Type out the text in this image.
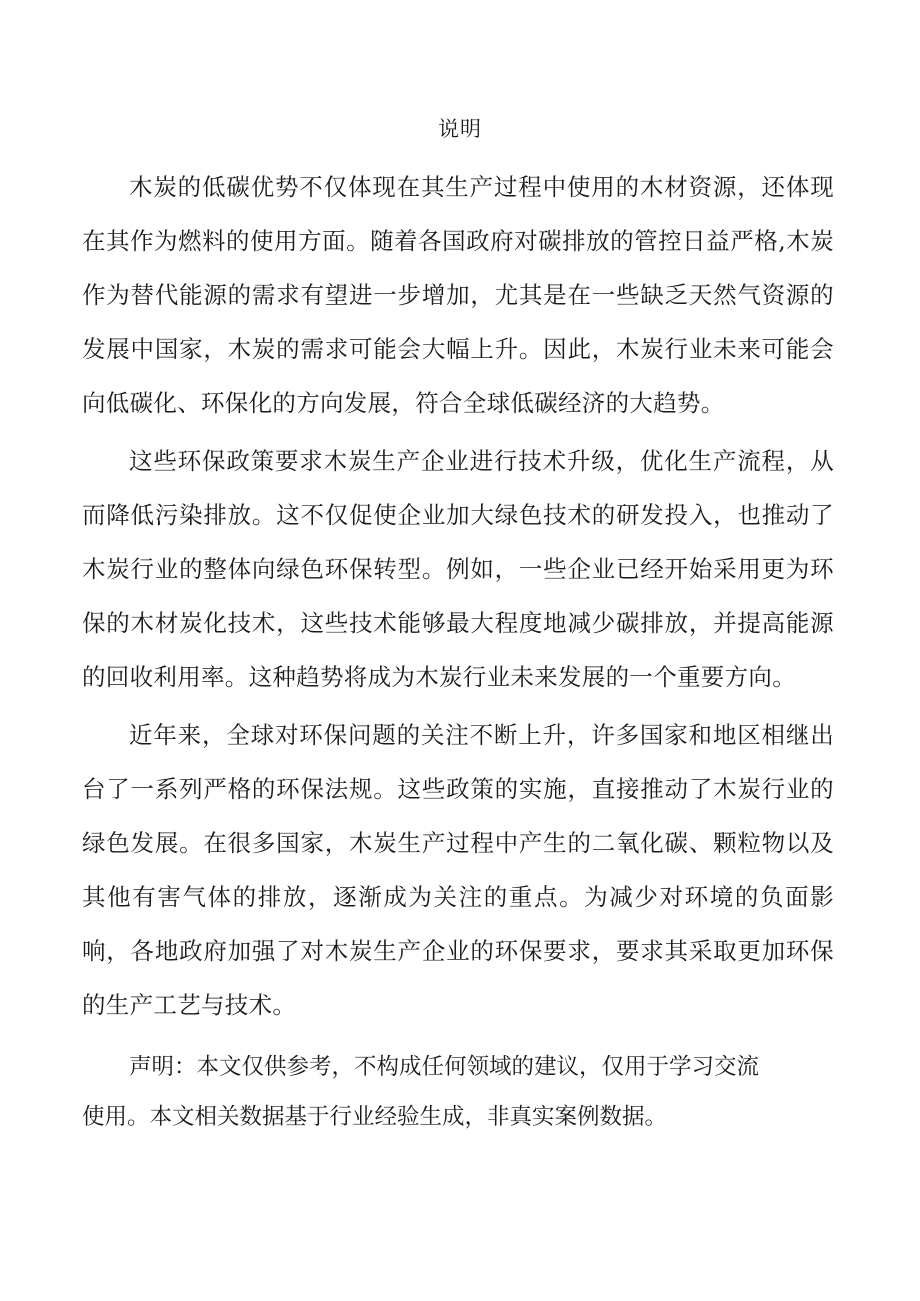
说明

木炭的低碳优势不仅体现在其生产过程中使用的木材资源，还体现在其作为燃料的使用方面。随着各国政府对碳排放的管控日益严格,木炭作为替代能源的需求有望进一步增加，尤其是在一些缺乏天然气资源的发展中国家，木炭的需求可能会大幅上升。因此，木炭行业未来可能会向低碳化、环保化的方向发展，符合全球低碳经济的大趋势。

这些环保政策要求木炭生产企业进行技术升级，优化生产流程，从而降低污染排放。这不仅促使企业加大绿色技术的研发投入，也推动了木炭行业的整体向绿色环保转型。例如，一些企业已经开始采用更为环保的木材炭化技术，这些技术能够最大程度地减少碳排放，并提高能源的回收利用率。这种趋势将成为木炭行业未来发展的一个重要方向。

近年来，全球对环保问题的关注不断上升，许多国家和地区相继出台了一系列严格的环保法规。这些政策的实施，直接推动了木炭行业的绿色发展。在很多国家，木炭生产过程中产生的二氧化碳、颗粒物以及其他有害气体的排放，逐渐成为关注的重点。为减少对环境的负面影响，各地政府加强了对木炭生产企业的环保要求，要求其采取更加环保的生产工艺与技术。

声明：本文仅供参考，不构成任何领域的建议，仅用于学习交流
使用。本文相关数据基于行业经验生成，非真实案例数据。
